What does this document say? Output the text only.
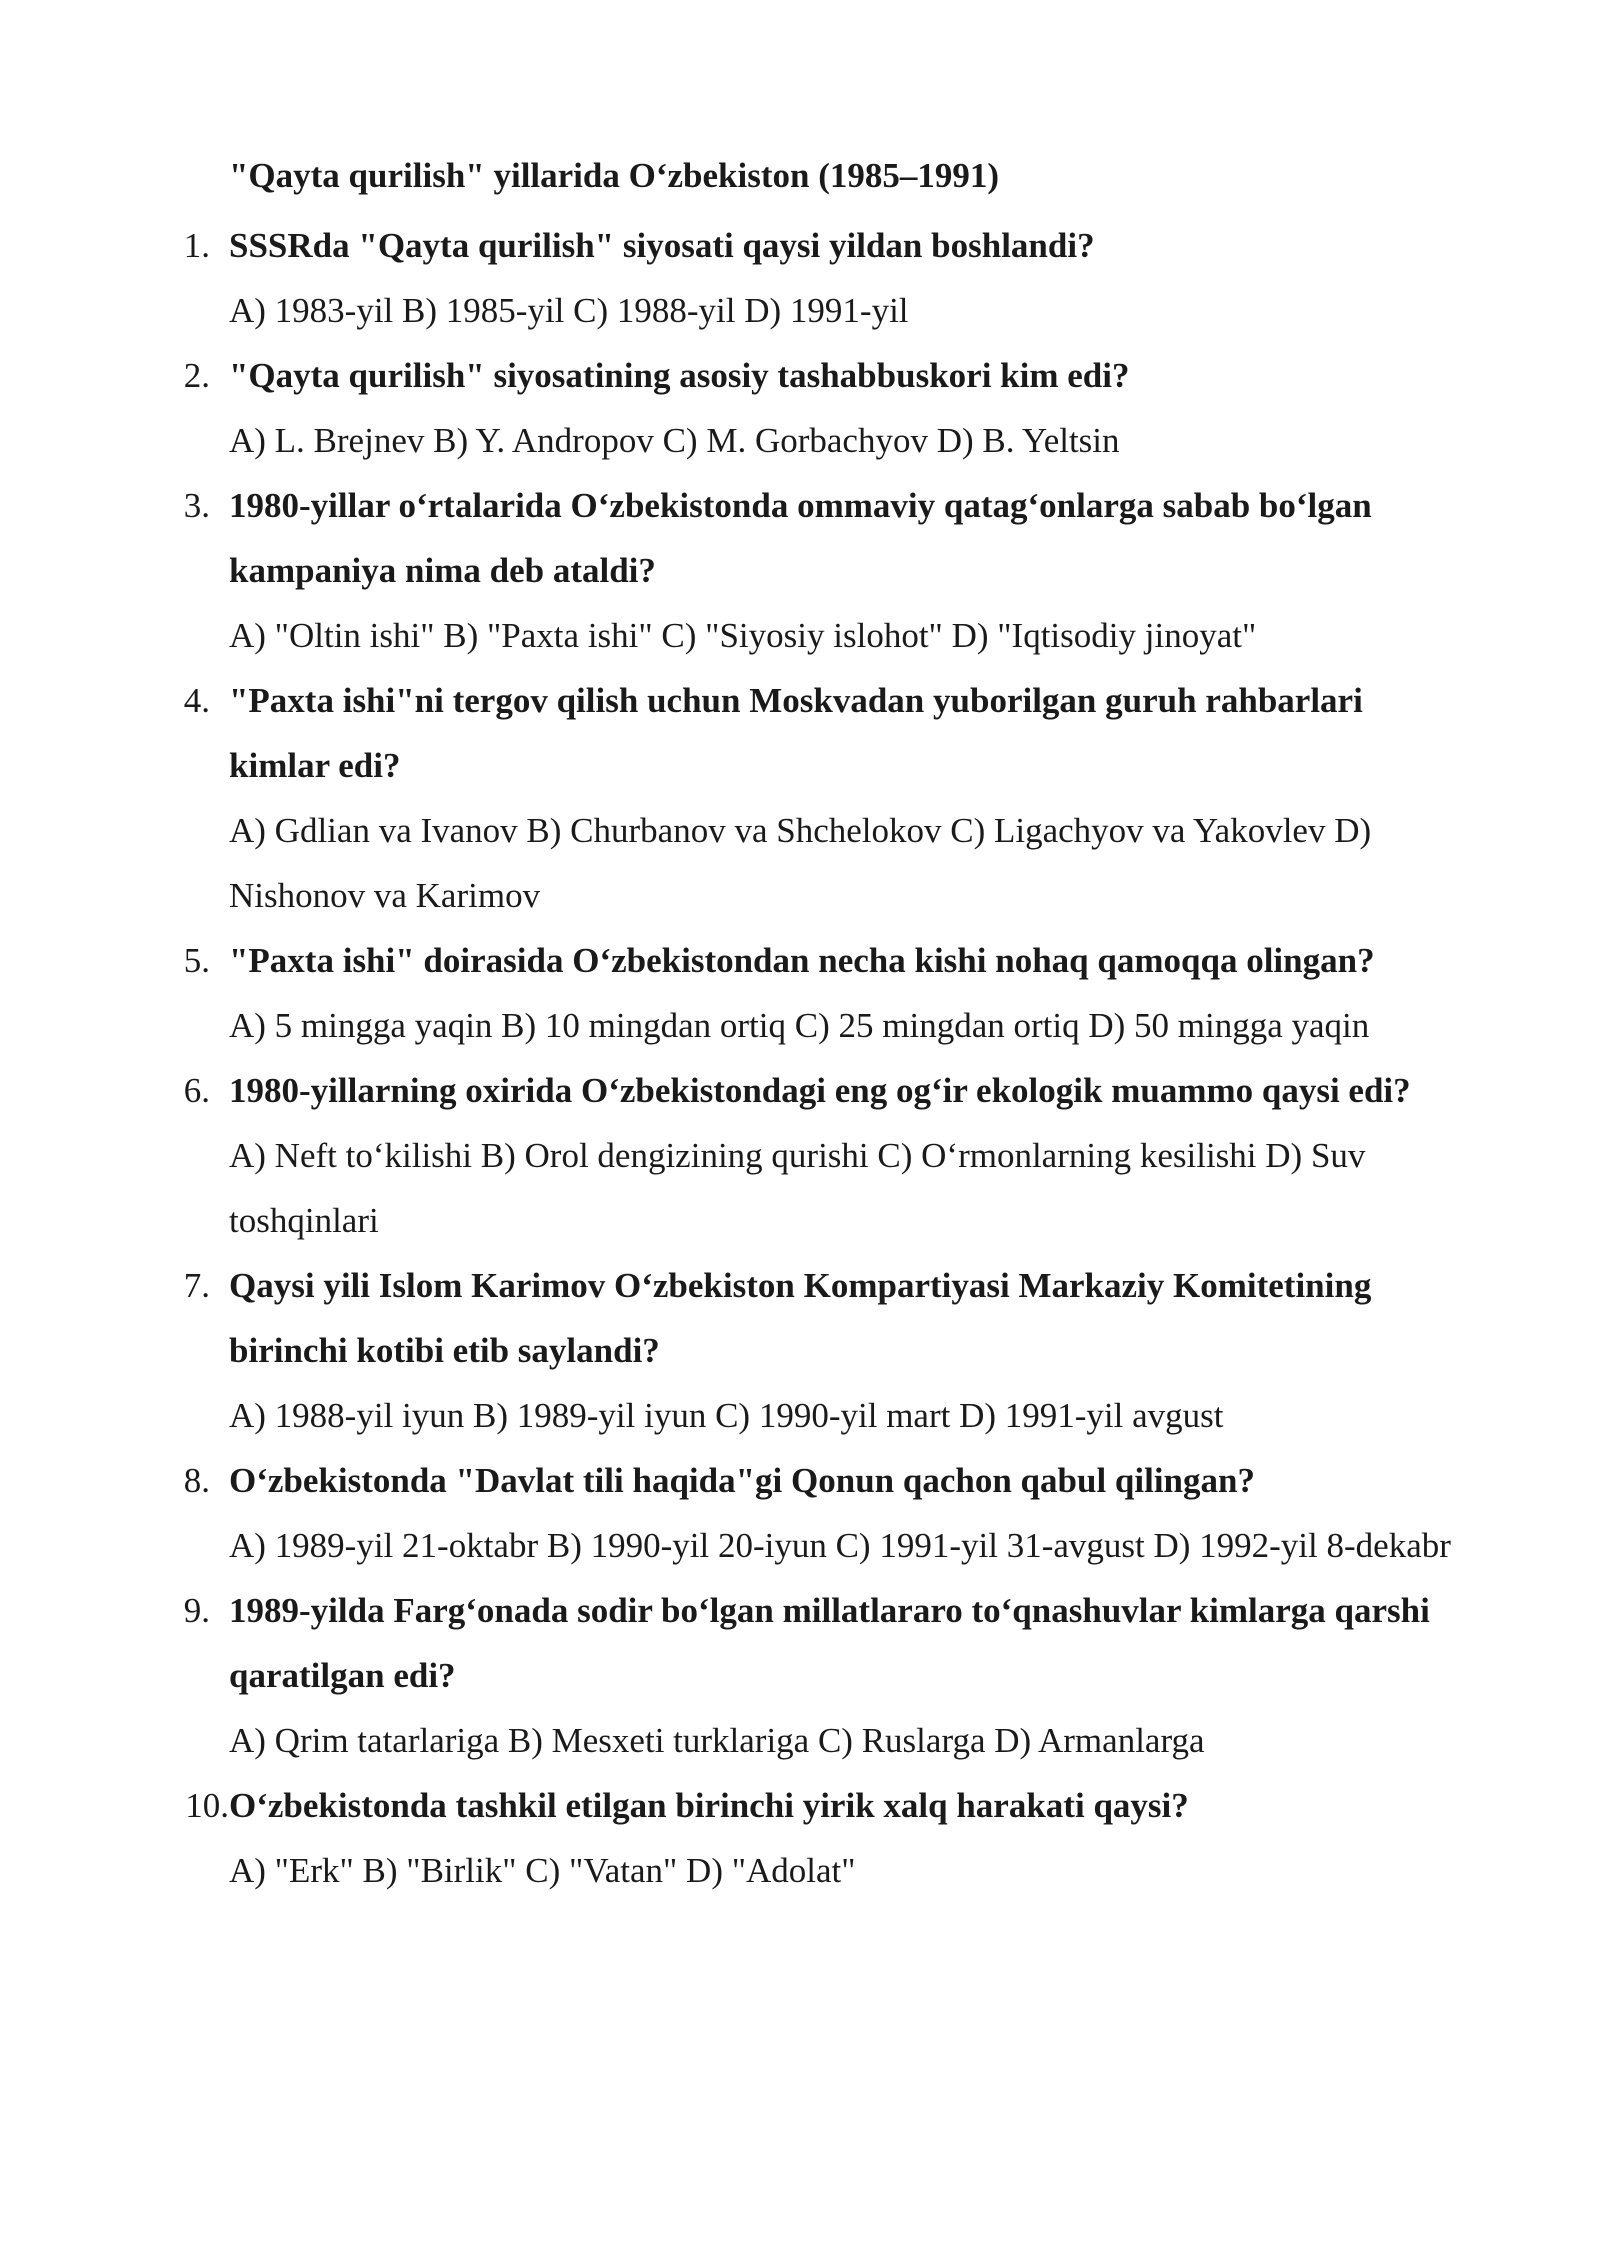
"Qayta qurilish" yillarida O‘zbekiston (1985–1991)
1. SSSRda "Qayta qurilish" siyosati qaysi yildan boshlandi?

A) 1983-yil B) 1985-yil C) 1988-yil D) 1991-yil

2. "Qayta qurilish" siyosatining asosiy tashabbuskori kim edi?

A) L. Brejnev B) Y. Andropov C) M. Gorbachyov D) B. Yeltsin

3. 1980-yillar o‘rtalarida O‘zbekistonda ommaviy qatag‘onlarga sabab bo‘lgan kampaniya nima deb ataldi?

A) "Oltin ishi" B) "Paxta ishi" C) "Siyosiy islohot" D) "Iqtisodiy jinoyat"

4. "Paxta ishi"ni tergov qilish uchun Moskvadan yuborilgan guruh rahbarlari kimlar edi?

A) Gdlian va Ivanov B) Churbanov va Shchelokov C) Ligachyov va Yakovlev D) Nishonov va Karimov

5. "Paxta ishi" doirasida O‘zbekistondan necha kishi nohaq qamoqqa olingan?

A) 5 mingga yaqin B) 10 mingdan ortiq C) 25 mingdan ortiq D) 50 mingga yaqin

6. 1980-yillarning oxirida O‘zbekistondagi eng og‘ir ekologik muammo qaysi edi?

A) Neft to‘kilishi B) Orol dengizining qurishi C) O‘rmonlarning kesilishi D) Suv toshqinlari

7. Qaysi yili Islom Karimov O‘zbekiston Kompartiyasi Markaziy Komitetining birinchi kotibi etib saylandi?

A) 1988-yil iyun B) 1989-yil iyun C) 1990-yil mart D) 1991-yil avgust

8. O‘zbekistonda "Davlat tili haqida"gi Qonun qachon qabul qilingan?

A) 1989-yil 21-oktabr B) 1990-yil 20-iyun C) 1991-yil 31-avgust D) 1992-yil 8-dekabr

9. 1989-yilda Farg‘onada sodir bo‘lgan millatlararo to‘qnashuvlar kimlarga qarshi qaratilgan edi?

A) Qrim tatarlariga B) Mesxeti turklariga C) Ruslarga D) Armanlarga

10. O‘zbekistonda tashkil etilgan birinchi yirik xalq harakati qaysi?

A) "Erk" B) "Birlik" C) "Vatan" D) "Adolat"
